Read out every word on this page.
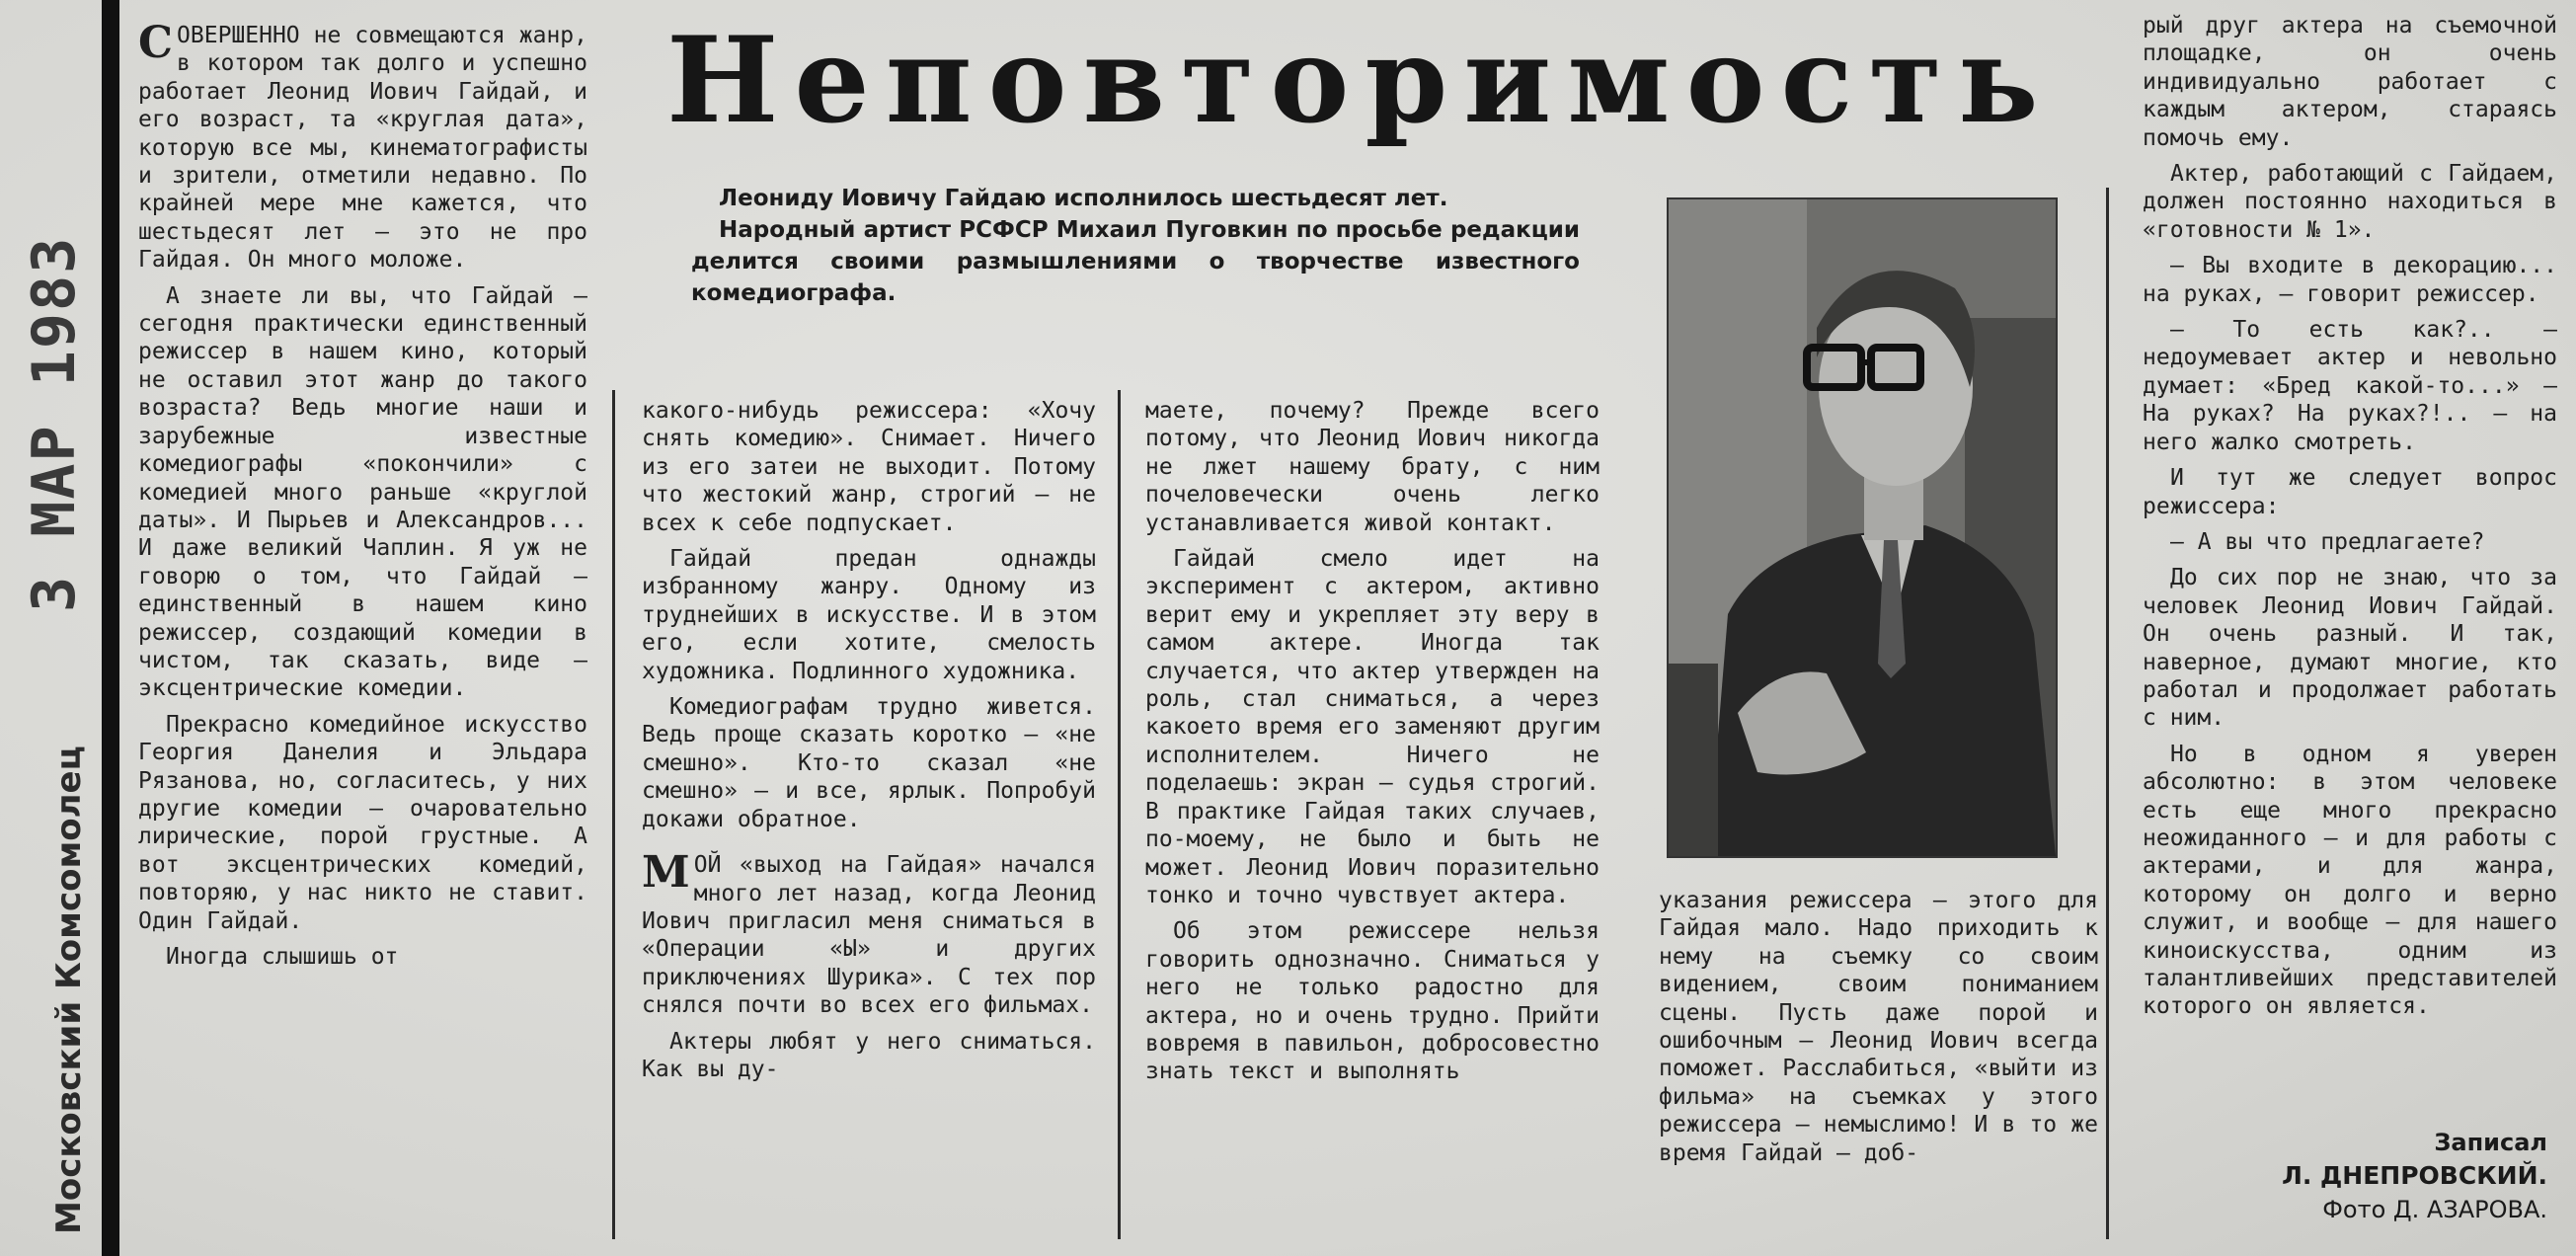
3 МАР 1983
Московский Комсомолец
Неповторимость

Леониду Иовичу Гайдаю исполнилось шестьдесят лет.

Народный артист РСФСР Михаил Пуговкин по просьбе редакции делится своими размышлениями о творчестве известного комедиографа.

СОВЕРШЕННО не совмещаются жанр, в котором так долго и успешно работает Леонид Иович Гайдай, и его возраст, та «круглая дата», которую все мы, кинематографисты и зрители, отметили недавно. По крайней мере мне кажется, что шестьдесят лет — это не про Гайдая. Он много моложе.

А знаете ли вы, что Гайдай — сегодня практически единственный режиссер в нашем кино, который не оставил этот жанр до такого возраста? Ведь многие наши и зарубежные известные комедиографы «покончили» с комедией много раньше «круглой даты». И Пырьев и Александров... И даже великий Чаплин. Я уж не говорю о том, что Гайдай — единственный в нашем кино режиссер, создающий комедии в чистом, так сказать, виде — эксцентрические комедии.

Прекрасно комедийное искусство Георгия Данелия и Эльдара Рязанова, но, согласитесь, у них другие комедии — очаровательно лирические, порой грустные. А вот эксцентрических комедий, повторяю, у нас никто не ставит. Один Гайдай.

Иногда слышишь от

какого-нибудь режиссера: «Хочу снять комедию». Снимает. Ничего из его затеи не выходит. Потому что жестокий жанр, строгий — не всех к себе подпускает.

Гайдай предан однажды избранному жанру. Одному из труднейших в искусстве. И в этом его, если хотите, смелость художника. Подлинного художника.

Комедиографам трудно живется. Ведь проще сказать коротко — «не смешно». Кто-то сказал «не смешно» — и все, ярлык. Попробуй докажи обратное.

МОЙ «выход на Гайдая» начался много лет назад, когда Леонид Иович пригласил меня сниматься в «Операции «Ы» и других приключениях Шурика». С тех пор снялся почти во всех его фильмах.

Актеры любят у него сниматься. Как вы ду-

маете, почему? Прежде всего потому, что Леонид Иович никогда не лжет нашему брату, с ним почеловечески очень легко устанавливается живой контакт.

Гайдай смело идет на эксперимент с актером, активно верит ему и укрепляет эту веру в самом актере. Иногда так случается, что актер утвержден на роль, стал сниматься, а через какоето время его заменяют другим исполнителем. Ничего не поделаешь: экран — судья строгий. В практике Гайдая таких случаев, по-моему, не было и быть не может. Леонид Иович поразительно тонко и точно чувствует актера.

Об этом режиссере нельзя говорить однозначно. Сниматься у него не только радостно для актера, но и очень трудно. Прийти вовремя в павильон, добросовестно знать текст и выполнять

указания режиссера — этого для Гайдая мало. Надо приходить к нему на съемку со своим видением, своим пониманием сцены. Пусть даже порой и ошибочным — Леонид Иович всегда поможет. Расслабиться, «выйти из фильма» на съемках у этого режиссера — немыслимо! И в то же время Гайдай — доб-

рый друг актера на съемочной площадке, он очень индивидуально работает с каждым актером, стараясь помочь ему.

Актер, работающий с Гайдаем, должен постоянно находиться в «готовности № 1».

— Вы входите в декорацию... на руках, — говорит режиссер.

— То есть как?.. — недоумевает актер и невольно думает: «Бред какой-то...» — На руках? На руках?!.. — на него жалко смотреть.

И тут же следует вопрос режиссера:

— А вы что предлагаете?

До сих пор не знаю, что за человек Леонид Иович Гайдай. Он очень разный. И так, наверное, думают многие, кто работал и продолжает работать с ним.

Но в одном я уверен абсолютно: в этом человеке есть еще много прекрасно неожиданного — и для работы с актерами, и для жанра, которому он долго и верно служит, и вообще — для нашего киноискусства, одним из талантливейших представителей которого он является.

Записал
Л. ДНЕПРОВСКИЙ.
Фото Д. АЗАРОВА.
